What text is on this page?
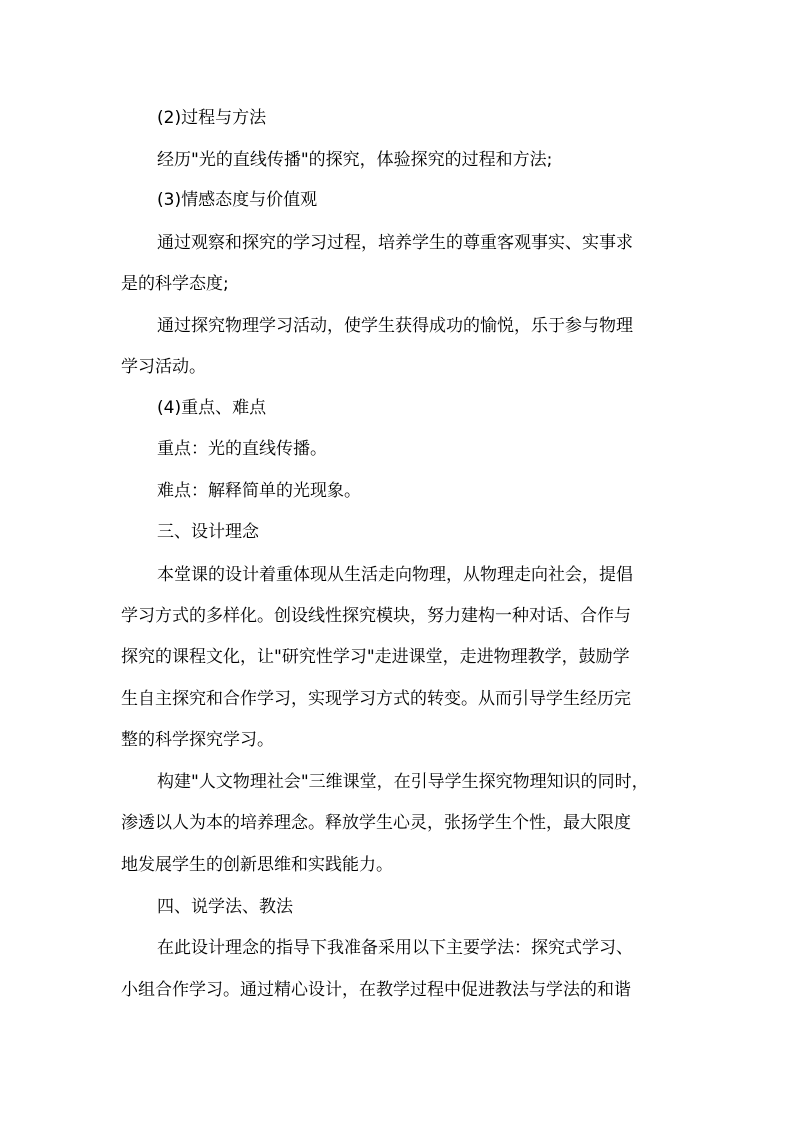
(2)过程与方法

经历"光的直线传播"的探究，体验探究的过程和方法;

(3)情感态度与价值观

通过观察和探究的学习过程，培养学生的尊重客观事实、实事求

是的科学态度;

通过探究物理学习活动，使学生获得成功的愉悦，乐于参与物理

学习活动。

(4)重点、难点

重点：光的直线传播。

难点：解释简单的光现象。

三、设计理念

本堂课的设计着重体现从生活走向物理，从物理走向社会，提倡

学习方式的多样化。创设线性探究模块，努力建构一种对话、合作与

探究的课程文化，让"研究性学习"走进课堂，走进物理教学，鼓励学

生自主探究和合作学习，实现学习方式的转变。从而引导学生经历完

整的科学探究学习。

构建"人文物理社会"三维课堂，在引导学生探究物理知识的同时，

渗透以人为本的培养理念。释放学生心灵，张扬学生个性，最大限度

地发展学生的创新思维和实践能力。

四、说学法、教法

在此设计理念的指导下我准备采用以下主要学法：探究式学习、

小组合作学习。通过精心设计，在教学过程中促进教法与学法的和谐
